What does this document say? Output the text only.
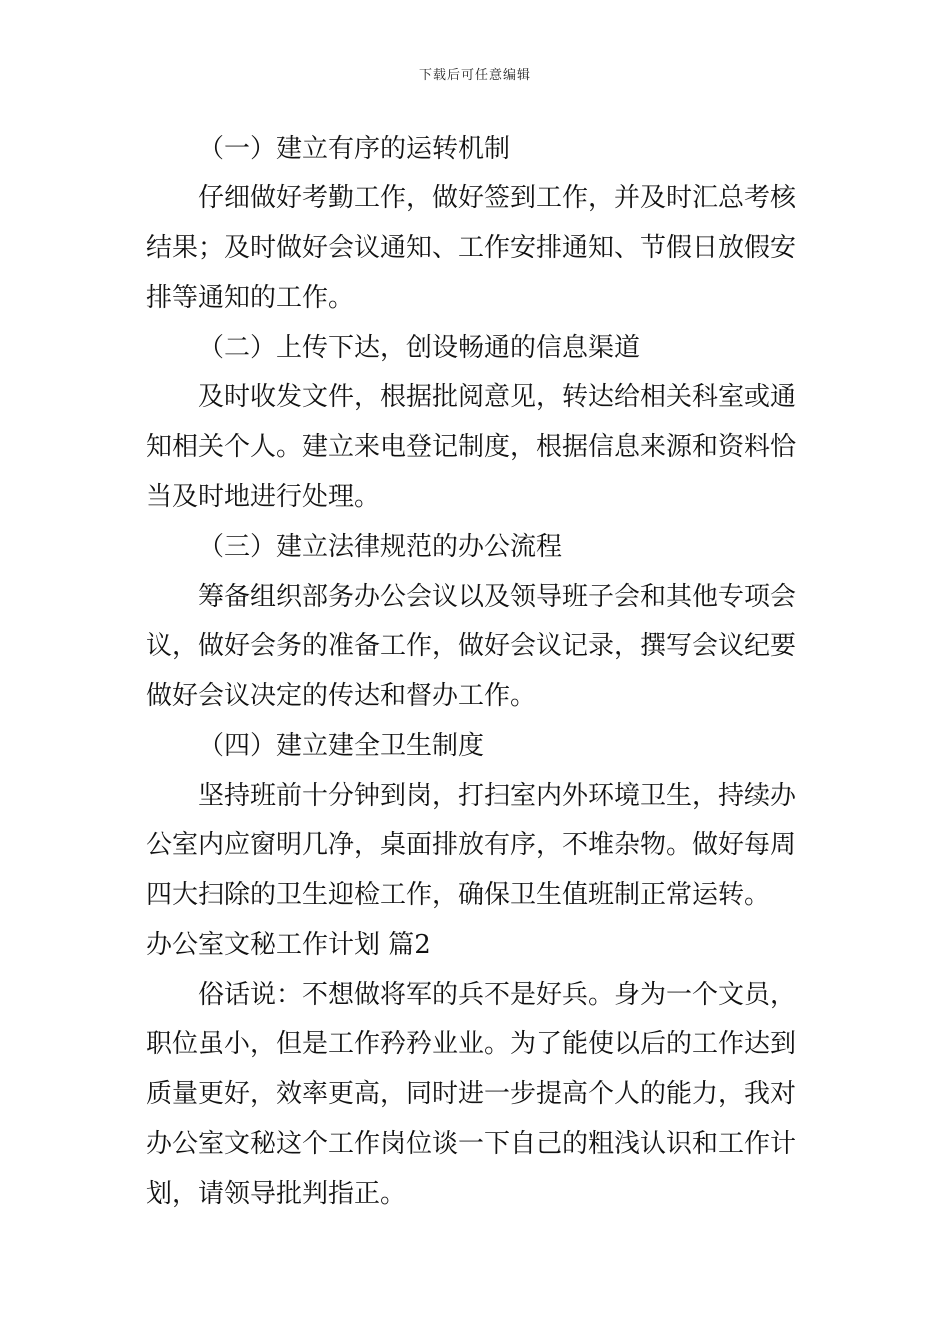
下载后可任意编辑
（一）建立有序的运转机制
仔细做好考勤工作，做好签到工作，并及时汇总考核
结果；及时做好会议通知、工作安排通知、节假日放假安
排等通知的工作。
（二）上传下达，创设畅通的信息渠道
及时收发文件，根据批阅意见，转达给相关科室或通
知相关个人。建立来电登记制度，根据信息来源和资料恰
当及时地进行处理。
（三）建立法律规范的办公流程
筹备组织部务办公会议以及领导班子会和其他专项会
议，做好会务的准备工作，做好会议记录，撰写会议纪要
做好会议决定的传达和督办工作。
（四）建立建全卫生制度
坚持班前十分钟到岗，打扫室内外环境卫生，持续办
公室内应窗明几净，桌面排放有序，不堆杂物。做好每周
四大扫除的卫生迎检工作，确保卫生值班制正常运转。
办公室文秘工作计划 篇2
俗话说：不想做将军的兵不是好兵。身为一个文员，
职位虽小，但是工作矜矜业业。为了能使以后的工作达到
质量更好，效率更高，同时进一步提高个人的能力，我对
办公室文秘这个工作岗位谈一下自己的粗浅认识和工作计
划，请领导批判指正。
